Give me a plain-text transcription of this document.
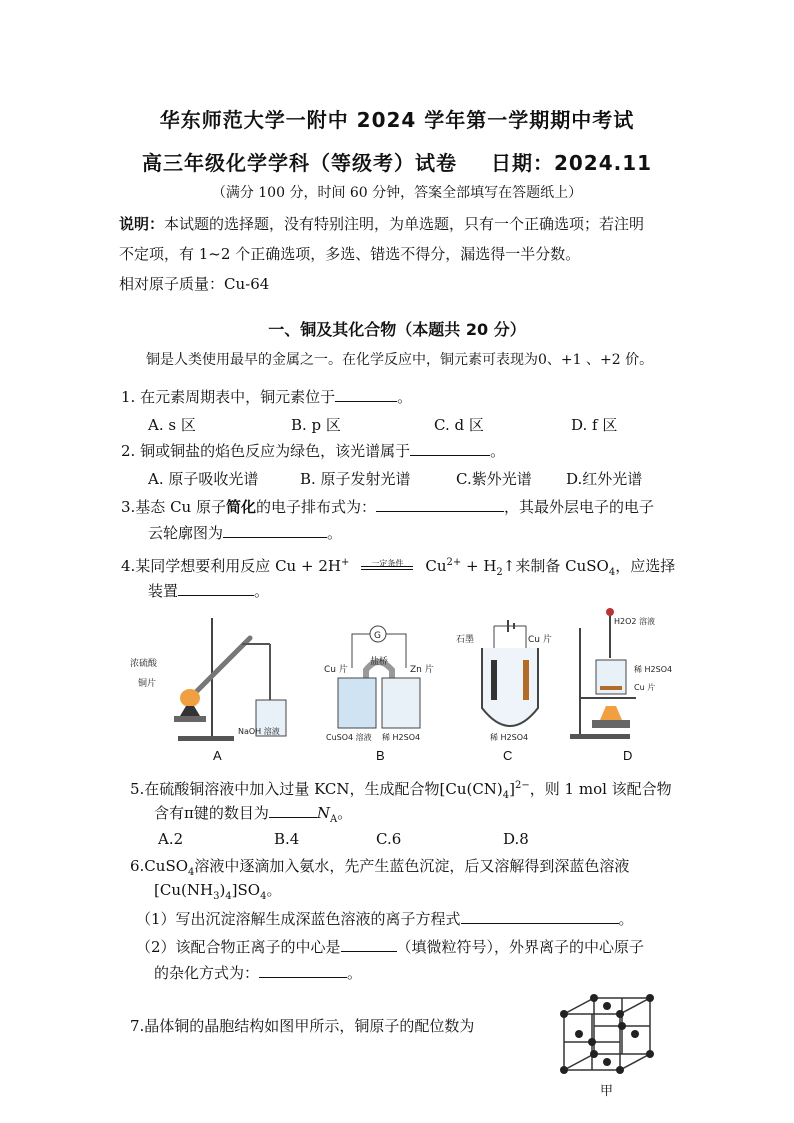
华东师范大学一附中 2024 学年第一学期期中考试
高三年级化学学科（等级考）试卷 日期：2024.11
（满分 100 分，时间 60 分钟，答案全部填写在答题纸上）
说明：本试题的选择题，没有特别注明，为单选题，只有一个正确选项；若注明
不定项，有 1~2 个正确选项，多选、错选不得分，漏选得一半分数。
相对原子质量：Cu-64
一、铜及其化合物（本题共 20 分）
铜是人类使用最早的金属之一。在化学反应中，铜元素可表现为0、+1 、+2 价。
1. 在元素周期表中，铜元素位于	。
A. s 区	B. p 区	C. d 区	D. f 区
2. 铜或铜盐的焰色反应为绿色，该光谱属于	。
A. 原子吸收光谱	B. 原子发射光谱	C.紫外光谱 D.红外光谱
3.基态 Cu 原子简化的电子排布式为：	，其最外层电子的电子
云轮廓图为	。
4.某同学想要利用反应 Cu + 2H+	一定条件	$Cu^{2+}$ + $H_2↑$来制备 CuSO$_4$，应选择
装置	。
浓硫酸
铜片
NaOH 溶液
G
Cu 片
盐桥
Zn 片
CuSO4 溶液 稀 H2SO4
石墨	Cu 片
稀 H2SO4
H2O2 溶液
稀 H2SO4
Cu 片
A	B	C	D
5.在硫酸铜溶液中加入过量 KCN，生成配合物$[Cu(CN)_4]^{2-}$，则 1 mol 该配合物
含有π键的数目为	$N_A$。
A.2	B.4	C.6	D.8
6.CuSO$_4$溶液中逐滴加入氨水，先产生蓝色沉淀，后又溶解得到深蓝色溶液
$[Cu(NH_3)_4]SO_4$。
（1）写出沉淀溶解生成深蓝色溶液的离子方程式	。
（2）该配合物正离子的中心是	（填微粒符号），外界离子的中心原子
的杂化方式为：	。
7.晶体铜的晶胞结构如图甲所示，铜原子的配位数为
甲
